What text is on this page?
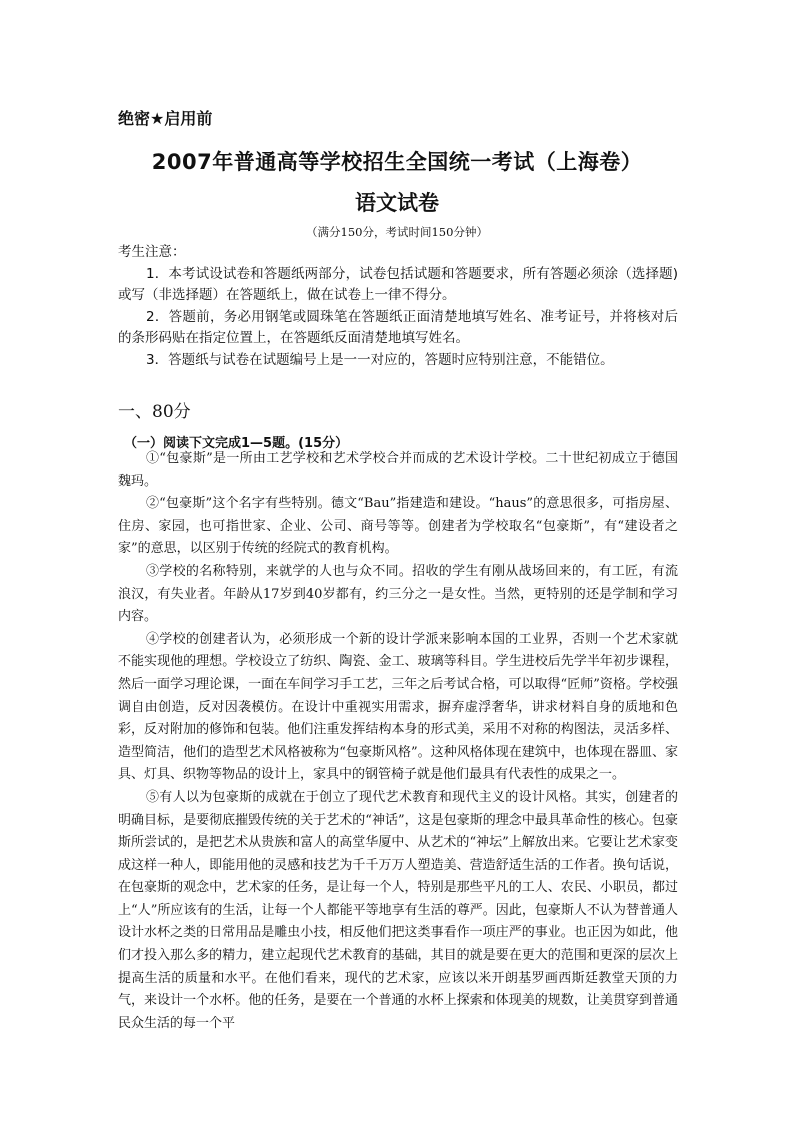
绝密★启用前
2007年普通高等学校招生全国统一考试（上海卷）
语文试卷
（满分150分，考试时间150分钟）

考生注意：

1．本考试设试卷和答题纸两部分，试卷包括试题和答题要求，所有答题必须涂（选择题)或写（非选择题）在答题纸上，做在试卷上一律不得分。

2．答题前，务必用钢笔或圆珠笔在答题纸正面清楚地填写姓名、准考证号，并将核对后的条形码贴在指定位置上，在答题纸反面清楚地填写姓名。

3．答题纸与试卷在试题编号上是一一对应的，答题时应特别注意，不能错位。

一、80分
（一）阅读下文完成1—5题。(15分）

①“包豪斯”是一所由工艺学校和艺术学校合并而成的艺术设计学校。二十世纪初成立于德国魏玛。

②“包豪斯”这个名字有些特别。德文“Bau”指建造和建设。“haus”的意思很多，可指房屋、住房、家园，也可指世家、企业、公司、商号等等。创建者为学校取名“包豪斯”，有“建设者之家”的意思，以区别于传统的经院式的教育机构。

③学校的名称特别，来就学的人也与众不同。招收的学生有刚从战场回来的，有工匠，有流浪汉，有失业者。年龄从17岁到40岁都有，约三分之一是女性。当然，更特别的还是学制和学习内容。

④学校的创建者认为，必须形成一个新的设计学派来影响本国的工业界，否则一个艺术家就不能实现他的理想。学校设立了纺织、陶瓷、金工、玻璃等科目。学生进校后先学半年初步课程，然后一面学习理论课，一面在车间学习手工艺，三年之后考试合格，可以取得“匠师”资格。学校强调自由创造，反对因袭模仿。在设计中重视实用需求，摒弃虚浮奢华，讲求材料自身的质地和色彩，反对附加的修饰和包装。他们注重发挥结构本身的形式美，采用不对称的构图法，灵活多样、造型简洁，他们的造型艺术风格被称为“包豪斯风格”。这种风格体现在建筑中，也体现在器皿、家具、灯具、织物等物品的设计上，家具中的钢管椅子就是他们最具有代表性的成果之一。

⑤有人以为包豪斯的成就在于创立了现代艺术教育和现代主义的设计风格。其实，创建者的明确目标，是要彻底摧毁传统的关于艺术的“神话”，这是包豪斯的理念中最具革命性的核心。包豪斯所尝试的，是把艺术从贵族和富人的高堂华厦中、从艺术的“神坛”上解放出来。它要让艺术家变成这样一种人，即能用他的灵感和技艺为千千万万人塑造美、营造舒适生活的工作者。换句话说，在包豪斯的观念中，艺术家的任务，是让每一个人，特别是那些平凡的工人、农民、小职员，都过上“人”所应该有的生活，让每一个人都能平等地享有生活的尊严。因此，包豪斯人不认为替普通人设计水杯之类的日常用品是雕虫小技，相反他们把这类事看作一项庄严的事业。也正因为如此，他们才投入那么多的精力，建立起现代艺术教育的基础，其目的就是要在更大的范围和更深的层次上提高生活的质量和水平。在他们看来，现代的艺术家，应该以米开朗基罗画西斯廷教堂天顶的力气，来设计一个水杯。他的任务，是要在一个普通的水杯上探索和体现美的规数，让美贯穿到普通民众生活的每一个平
